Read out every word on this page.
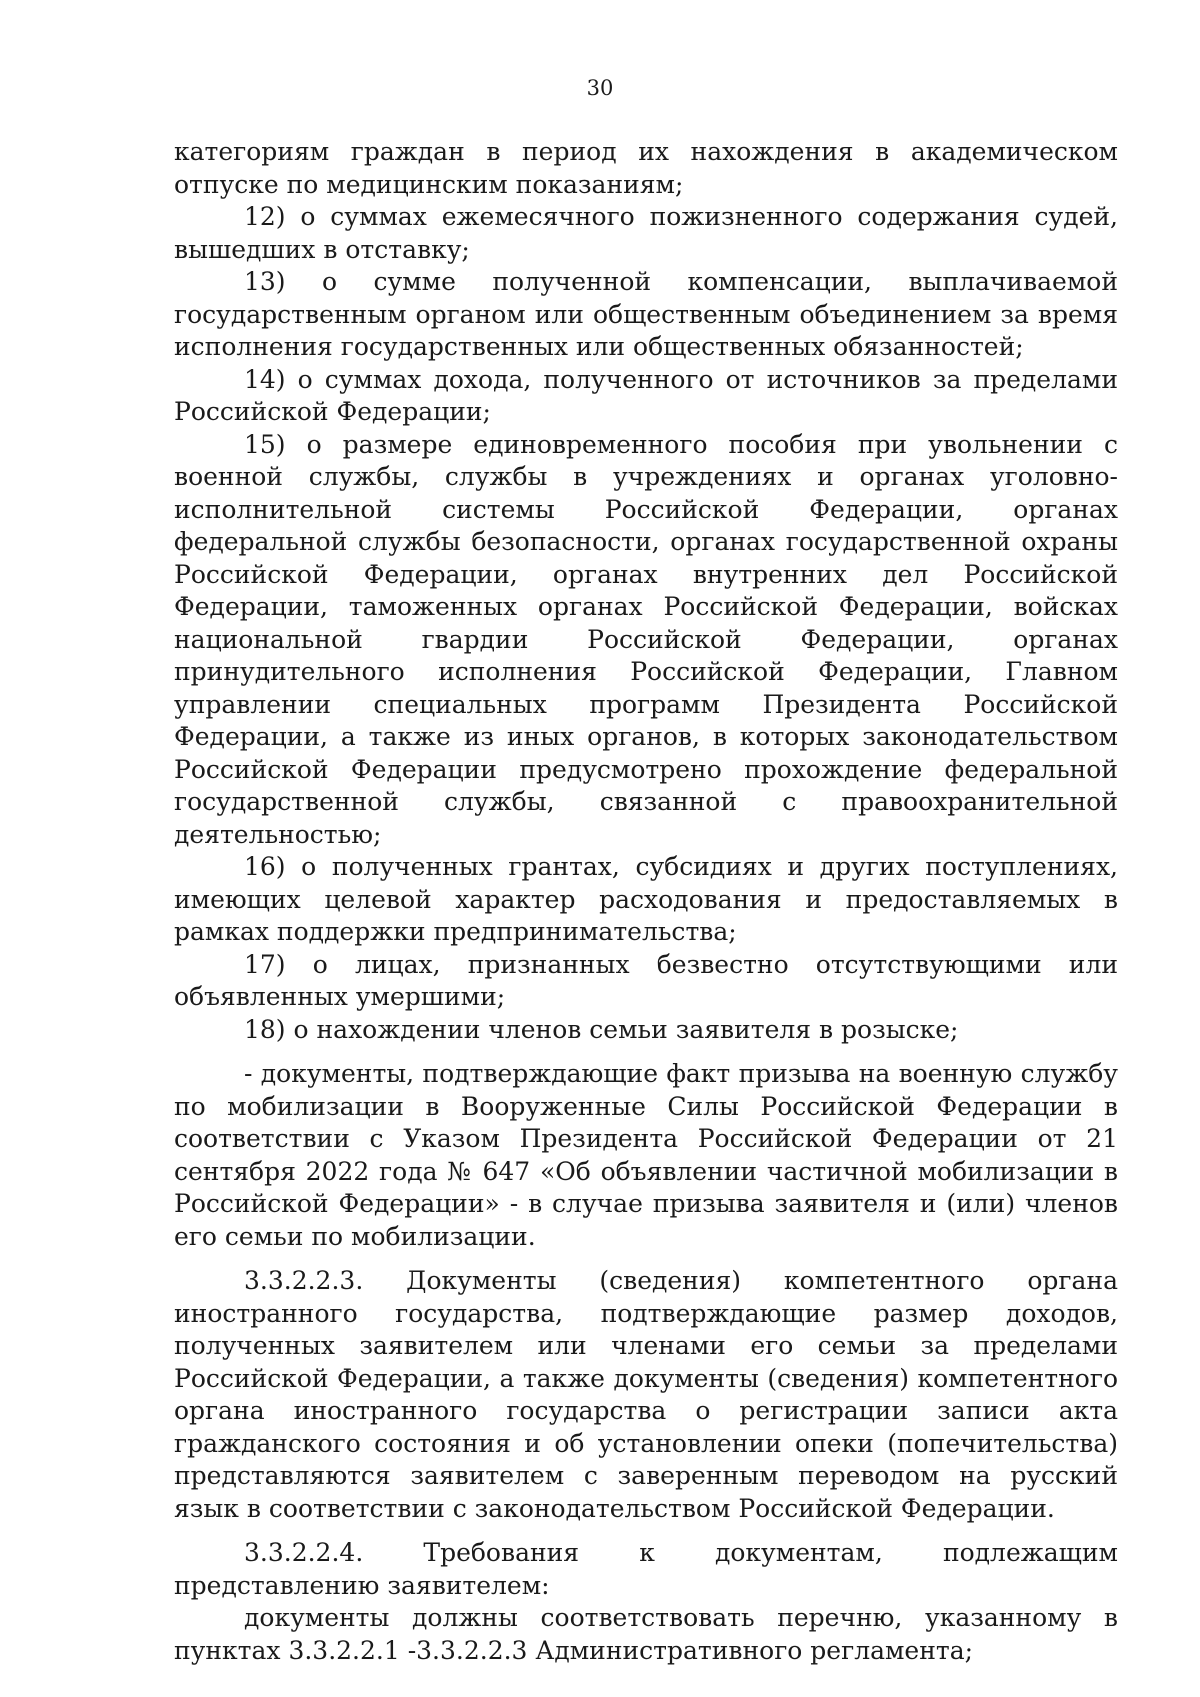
30

категориям граждан в период их нахождения в академическом отпуске по медицинским показаниям;

12) о суммах ежемесячного пожизненного содержания судей, вышедших в отставку;

13) о сумме полученной компенсации, выплачиваемой государственным органом или общественным объединением за время исполнения государственных или общественных обязанностей;

14) о суммах дохода, полученного от источников за пределами Российской Федерации;

15) о размере единовременного пособия при увольнении с военной службы, службы в учреждениях и органах уголовно-исполнительной системы Российской Федерации, органах федеральной службы безопасности, органах государственной охраны Российской Федерации, органах внутренних дел Российской Федерации, таможенных органах Российской Федерации, войсках национальной гвардии Российской Федерации, органах принудительного исполнения Российской Федерации, Главном управлении специальных программ Президента Российской Федерации, а также из иных органов, в которых законодательством Российской Федерации предусмотрено прохождение федеральной государственной службы, связанной с правоохранительной деятельностью;

16) о полученных грантах, субсидиях и других поступлениях, имеющих целевой характер расходования и предоставляемых в рамках поддержки предпринимательства;

17) о лицах, признанных безвестно отсутствующими или объявленных умершими;

18) о нахождении членов семьи заявителя в розыске;

- документы, подтверждающие факт призыва на военную службу по мобилизации в Вооруженные Силы Российской Федерации в соответствии с Указом Президента Российской Федерации от 21 сентября 2022 года № 647 «Об объявлении частичной мобилизации в Российской Федерации» - в случае призыва заявителя и (или) членов его семьи по мобилизации.

3.3.2.2.3. Документы (сведения) компетентного органа иностранного государства, подтверждающие размер доходов, полученных заявителем или членами его семьи за пределами Российской Федерации, а также документы (сведения) компетентного органа иностранного государства о регистрации записи акта гражданского состояния и об установлении опеки (попечительства) представляются заявителем с заверенным переводом на русский язык в соответствии с законодательством Российской Федерации.

3.3.2.2.4. Требования к документам, подлежащим представлению заявителем:

документы должны соответствовать перечню, указанному в пунктах 3.3.2.2.1 -3.3.2.2.3 Административного регламента;
